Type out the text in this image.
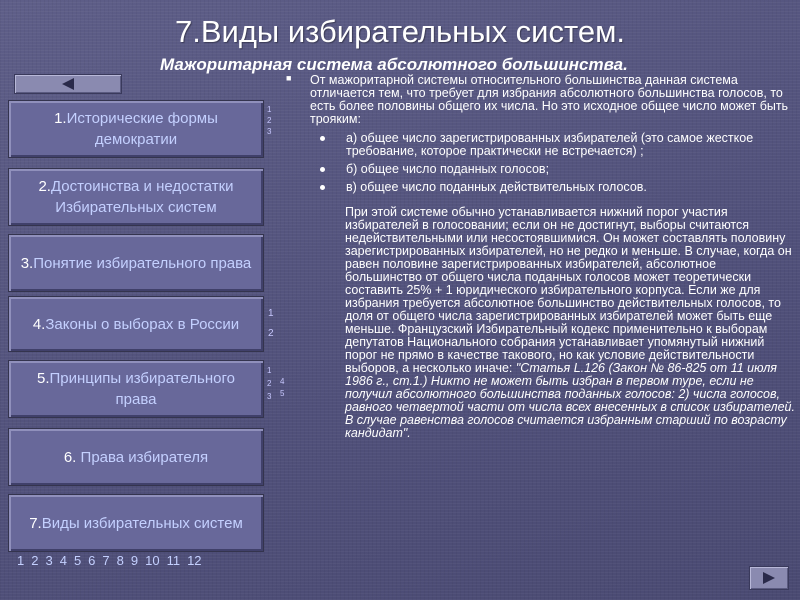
7.Виды избирательных систем.
Мажоритарная система абсолютного большинства.
1.Исторические формы демократии
2.Достоинства и недостатки Избирательных систем
3.Понятие избирательного права
4.Законы о выборах в России
5.Принципы избирательного права
6. Права избирателя
7.Виды избирательных систем
1
2
3
1
2
1
2
3
4
5
1 2 3 4 5 6 7 8 9 10 11 12

■ От мажоритарной системы относительного большинства данная система отличается тем, что требует для избрания абсолютного большинства голосов, то есть более половины общего их числа. Но это исходное общее число может быть трояким:

а) общее число зарегистрированных избирателей (это самое жесткое требование, которое практически не встречается) ;
б) общее число поданных голосов;
в) общее число поданных действительных голосов.

При этой системе обычно устанавливается нижний порог участия избирателей в голосовании; если он не достигнут, выборы считаются недействительными или несостоявшимися. Он может составлять половину зарегистрированных избирателей, но не редко и меньше. В случае, когда он равен половине зарегистрированных избирателей, абсолютное большинство от общего числа поданных голосов может теоретически составить 25% + 1 юридического избирательного корпуса. Если же для избрания требуется абсолютное большинство действительных голосов, то доля от общего числа зарегистрированных избирателей может быть еще меньше. Французский Избирательный кодекс применительно к выборам депутатов Национального собрания устанавливает упомянутый нижний порог не прямо в качестве такового, но как условие действительности выборов, а несколько иначе: "Статья L.126 (Закон № 86-825 от 11 июля 1986 г., ст.1.) Никто не может быть избран в первом туре, если не получил абсолютного большинства поданных голосов: 2) числа голосов, равного четвертой части от числа всех внесенных в список избирателей. В случае равенства голосов считается избранным старший по возрасту кандидат".
